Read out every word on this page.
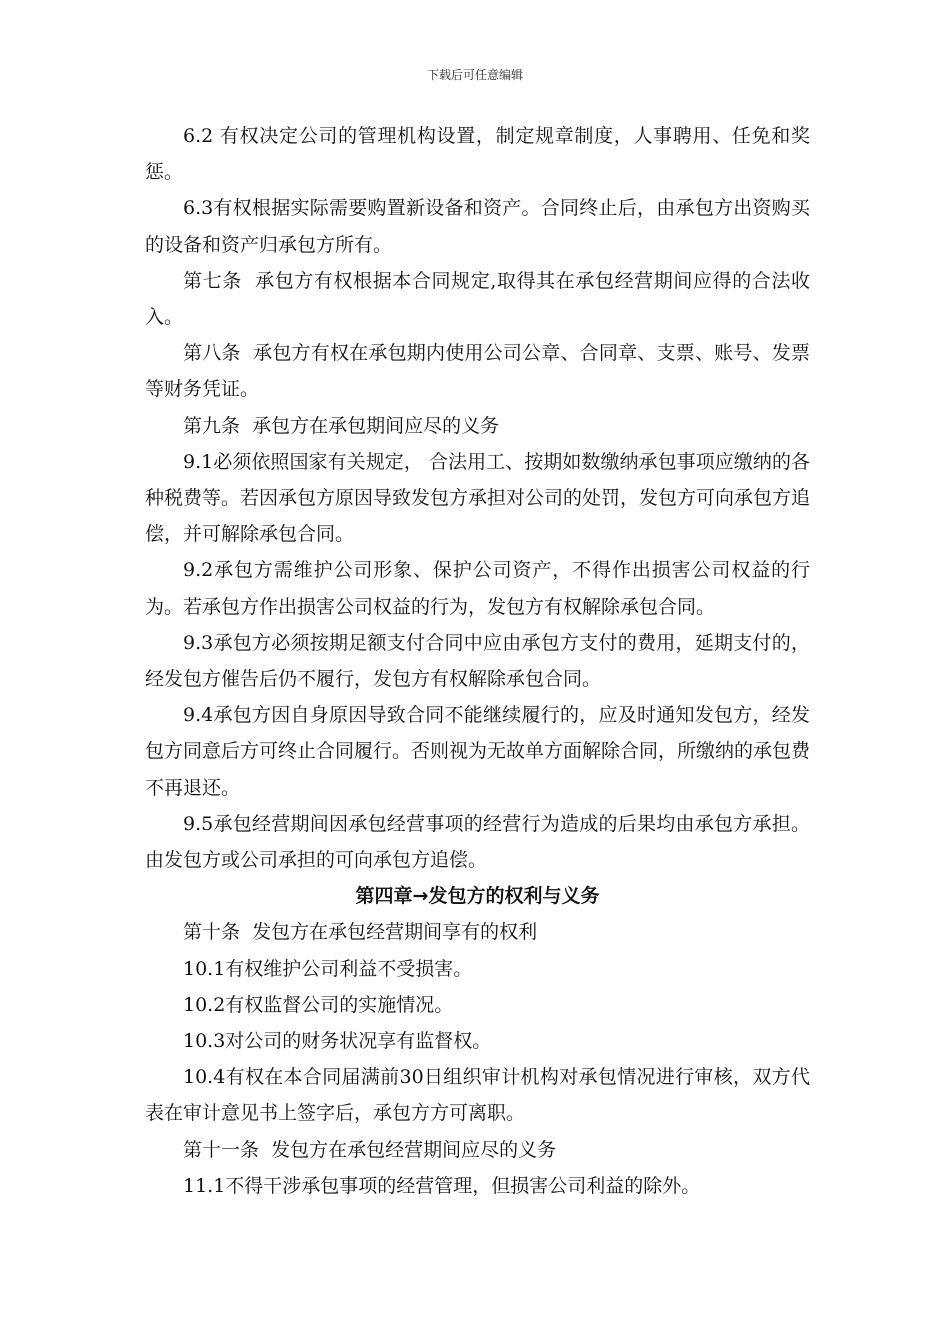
下载后可任意编辑

6.2 有权决定公司的管理机构设置，制定规章制度，人事聘用、任免和奖惩。

6.3有权根据实际需要购置新设备和资产。合同终止后，由承包方出资购买的设备和资产归承包方所有。

第七条  承包方有权根据本合同规定,取得其在承包经营期间应得的合法收入。

第八条  承包方有权在承包期内使用公司公章、合同章、支票、账号、发票等财务凭证。

第九条  承包方在承包期间应尽的义务

9.1必须依照国家有关规定， 合法用工、按期如数缴纳承包事项应缴纳的各种税费等。若因承包方原因导致发包方承担对公司的处罚，发包方可向承包方追偿，并可解除承包合同。

9.2承包方需维护公司形象、保护公司资产，不得作出损害公司权益的行为。若承包方作出损害公司权益的行为，发包方有权解除承包合同。

9.3承包方必须按期足额支付合同中应由承包方支付的费用，延期支付的，经发包方催告后仍不履行，发包方有权解除承包合同。

9.4承包方因自身原因导致合同不能继续履行的，应及时通知发包方，经发包方同意后方可终止合同履行。否则视为无故单方面解除合同，所缴纳的承包费不再退还。

9.5承包经营期间因承包经营事项的经营行为造成的后果均由承包方承担。由发包方或公司承担的可向承包方追偿。

第四章→发包方的权利与义务

第十条  发包方在承包经营期间享有的权利

10.1有权维护公司利益不受损害。

10.2有权监督公司的实施情况。

10.3对公司的财务状况享有监督权。

10.4有权在本合同届满前30日组织审计机构对承包情况进行审核，双方代表在审计意见书上签字后，承包方方可离职。

第十一条  发包方在承包经营期间应尽的义务

11.1不得干涉承包事项的经营管理，但损害公司利益的除外。
